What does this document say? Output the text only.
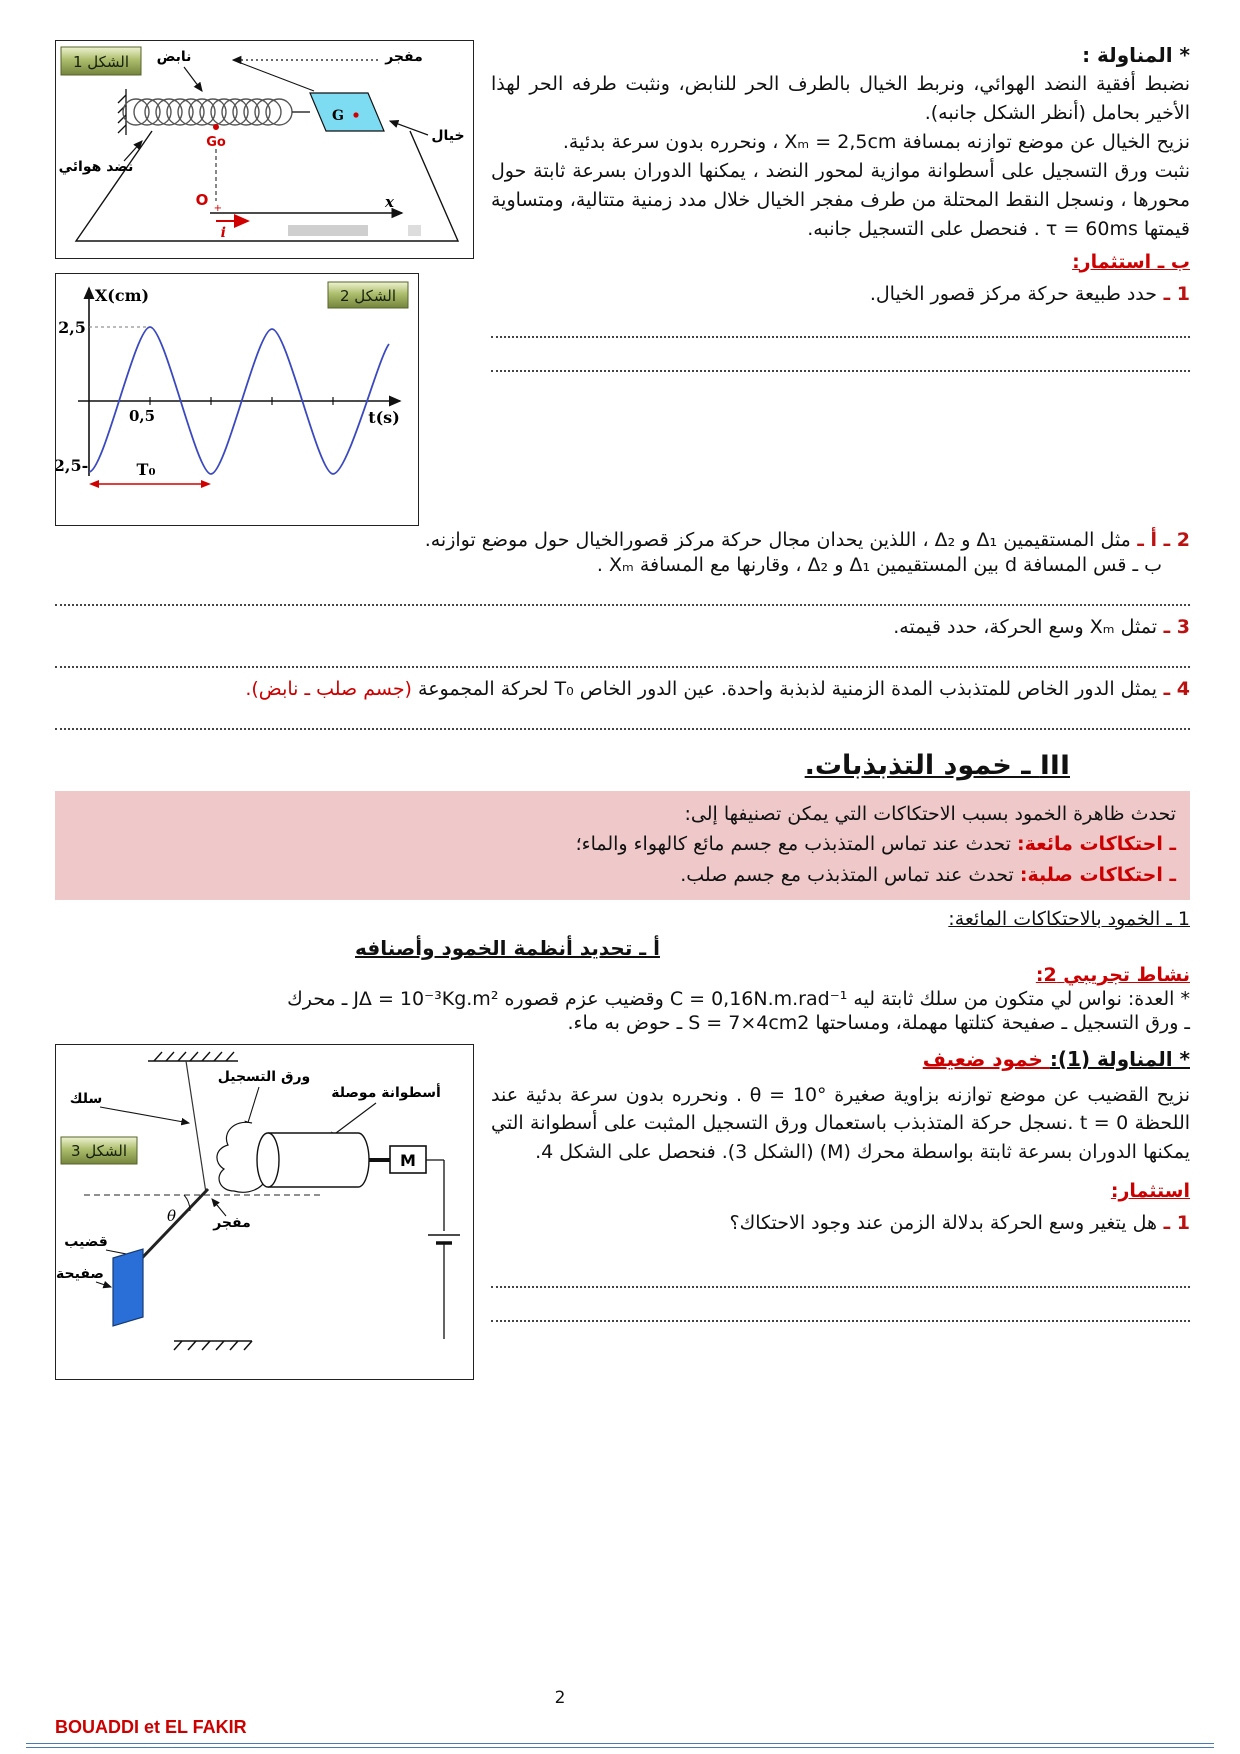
* المناولة :
نضبط أفقية النضد الهوائي، ونربط الخيال بالطرف الحر للنابض، ونثبت طرفه الحر لهذا الأخير بحامل (أنظر الشكل جانبه).
نزيح الخيال عن موضع توازنه بمسافة Xₘ = 2,5cm ، ونحرره بدون سرعة بدئية.
نثبت ورق التسجيل على أسطوانة موازية لمحور النضد ، يمكنها الدوران بسرعة ثابتة حول محورها ، ونسجل النقط المحتلة من طرف مفجر الخيال خلال مدد زمنية متتالية، ومتساوية قيمتها τ = 60ms . فنحصل على التسجيل جانبه.
ب ـ استثمار:
1 ـ حدد طبيعة حركة مركز قصور الخيال.
الشكل 1
G
نابض	مفجر
خيال
نضد هوائي
Go
O +	x
i
الشكل 2
X(cm)
t(s)
2,5
-2,5
0,5
T₀
2 ـ أ ـ مثل المستقيمين Δ₁ و Δ₂ ، اللذين يحدان مجال حركة مركز قصورالخيال حول موضع توازنه.
ب ـ قس المسافة d بين المستقيمين Δ₁ و Δ₂ ، وقارنها مع المسافة Xₘ .
3 ـ تمثل Xₘ وسع الحركة، حدد قيمته.
4 ـ يمثل الدور الخاص للمتذبذب المدة الزمنية لذبذبة واحدة. عين الدور الخاص T₀ لحركة المجموعة (جسم صلب ـ نابض).
III ـ خمود التذبذبات.
تحدث ظاهرة الخمود بسبب الاحتكاكات التي يمكن تصنيفها إلى:
ـ احتكاكات مائعة: تحدث عند تماس المتذبذب مع جسم مائع كالهواء والماء؛
ـ احتكاكات صلبة: تحدث عند تماس المتذبذب مع جسم صلب.
1 ـ الخمود بالاحتكاكات المائعة:
أ ـ تحديد أنظمة الخمود وأصنافه
نشاط تجريبي 2:
* العدة: نواس لي متكون من سلك ثابتة ليه C = 0,16N.m.rad⁻¹ وقضيب عزم قصوره JΔ = 10⁻³Kg.m² ـ محرك
ـ ورق التسجيل ـ صفيحة كتلتها مهملة، ومساحتها S = 7×4cm2 ـ حوض به ماء.
* المناولة (1): خمود ضعيف
نزيح القضيب عن موضع توازنه بزاوية صغيرة θ = 10° . ونحرره بدون سرعة بدئية عند اللحظة t = 0 .نسجل حركة المتذبذب باستعمال ورق التسجيل المثبت على أسطوانة التي يمكنها الدوران بسرعة ثابتة بواسطة محرك (M) (الشكل 3). فنحصل على الشكل 4.
استثمار:
1 ـ هل يتغير وسع الحركة بدلالة الزمن عند وجود الاحتكاك؟
الشكل 3
سلك
ورق التسجيل
أسطوانة موصلة
M
θ	مفجر
قضيب
صفيحة
2
BOUADDI et EL FAKIR
